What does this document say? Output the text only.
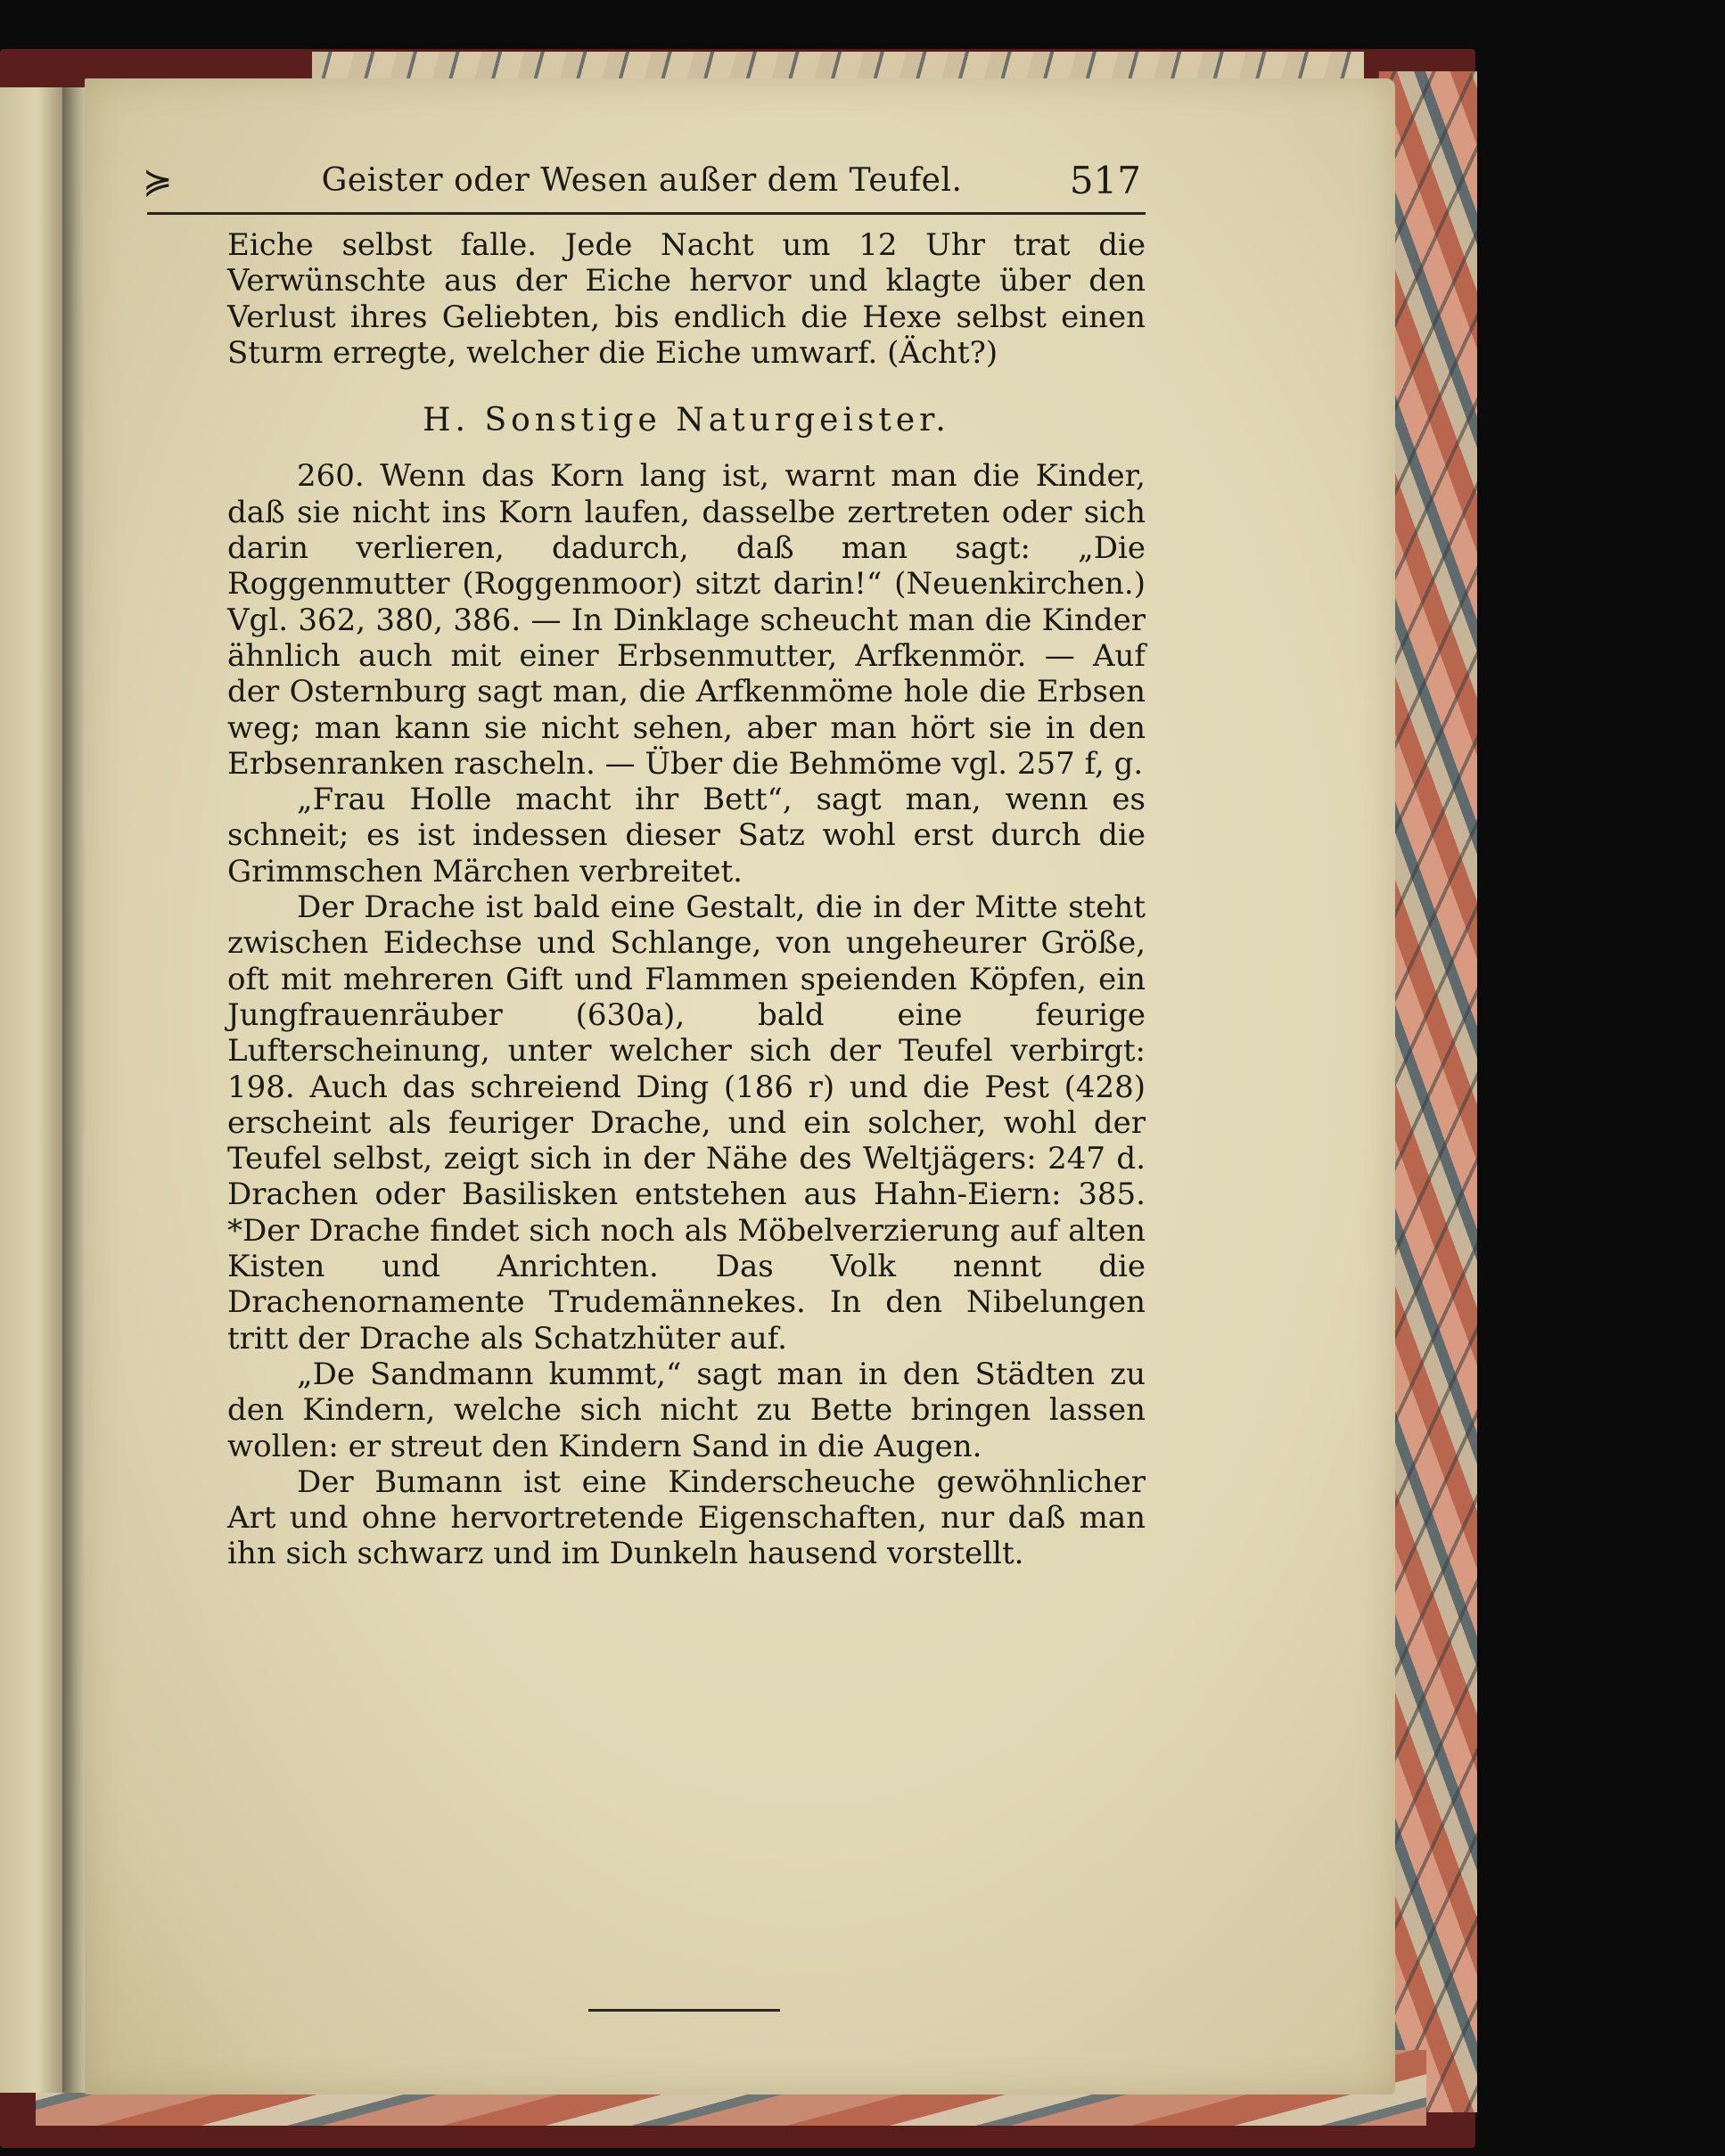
≽	Geister oder Wesen außer dem Teufel.	517

Eiche selbst falle. Jede Nacht um 12 Uhr trat die Verwünschte aus der Eiche hervor und klagte über den Verlust ihres Geliebten, bis endlich die Hexe selbst einen Sturm erregte, welcher die Eiche umwarf. (Ächt?)

H. Sonstige Naturgeister.

260. Wenn das Korn lang ist, warnt man die Kinder, daß sie nicht ins Korn laufen, dasselbe zertreten oder sich darin verlieren, dadurch, daß man sagt: „Die Roggenmutter (Roggenmoor) sitzt darin!“ (Neuenkirchen.) Vgl. 362, 380, 386. — In Dinklage scheucht man die Kinder ähnlich auch mit einer Erbsenmutter, Arfkenmör. — Auf der Osternburg sagt man, die Arfkenmöme hole die Erbsen weg; man kann sie nicht sehen, aber man hört sie in den Erbsenranken rascheln. — Über die Behmöme vgl. 257 f, g.

„Frau Holle macht ihr Bett“, sagt man, wenn es schneit; es ist indessen dieser Satz wohl erst durch die Grimmschen Märchen verbreitet.

Der Drache ist bald eine Gestalt, die in der Mitte steht zwischen Eidechse und Schlange, von ungeheurer Größe, oft mit mehreren Gift und Flammen speienden Köpfen, ein Jungfrauenräuber (630a), bald eine feurige Lufterscheinung, unter welcher sich der Teufel verbirgt: 198. Auch das schreiend Ding (186 r) und die Pest (428) erscheint als feuriger Drache, und ein solcher, wohl der Teufel selbst, zeigt sich in der Nähe des Weltjägers: 247 d. Drachen oder Basilisken entstehen aus Hahn-Eiern: 385. *Der Drache findet sich noch als Möbelverzierung auf alten Kisten und Anrichten. Das Volk nennt die Drachenornamente Trudemännekes. In den Nibelungen tritt der Drache als Schatzhüter auf.

„De Sandmann kummt,“ sagt man in den Städten zu den Kindern, welche sich nicht zu Bette bringen lassen wollen: er streut den Kindern Sand in die Augen.

Der Bumann ist eine Kinderscheuche gewöhnlicher Art und ohne hervortretende Eigenschaften, nur daß man ihn sich schwarz und im Dunkeln hausend vorstellt.
